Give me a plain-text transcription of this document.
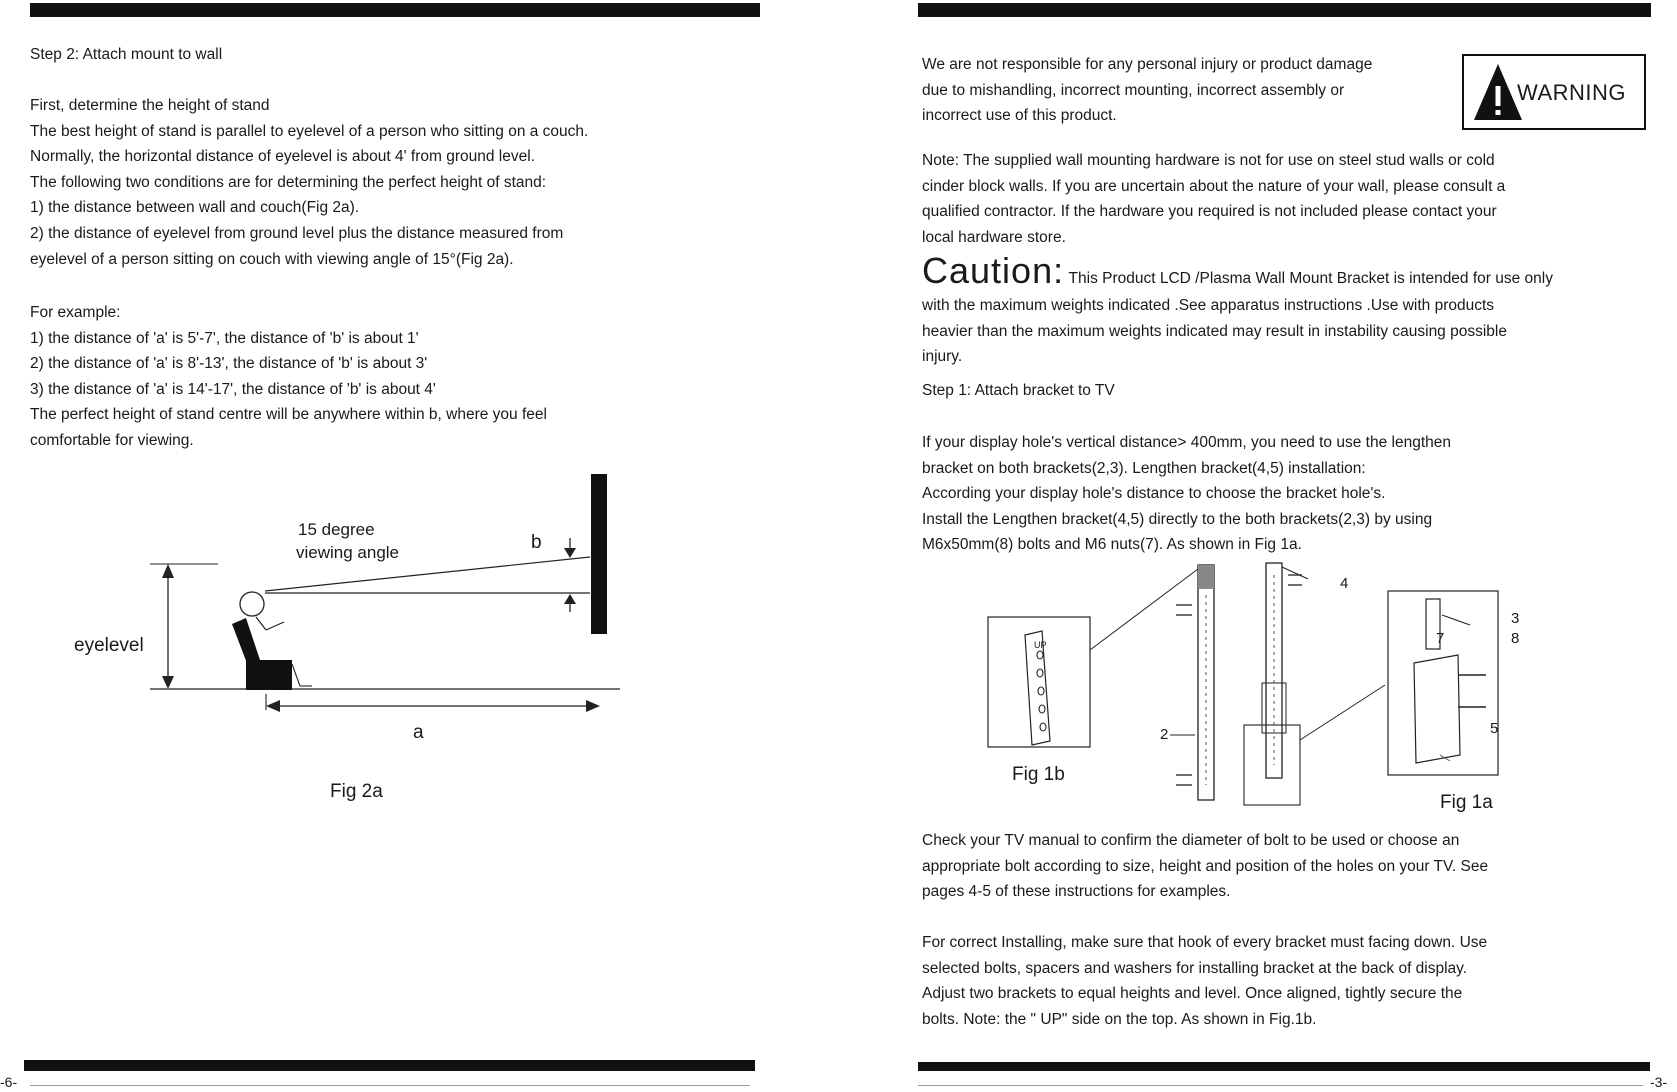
-6-	-3-
Step 2: Attach mount to wall
First, determine the height of stand
The best height of stand is parallel to eyelevel of a person who sitting on a couch.
Normally, the horizontal distance of eyelevel is about 4' from ground level.
The following two conditions are for determining the perfect height of stand:
1) the distance between wall and couch(Fig 2a).
2) the distance of eyelevel from ground level plus the distance measured from
eyelevel of a person sitting on couch with viewing angle of 15°(Fig 2a).
For example:
1) the distance of 'a' is 5'-7', the distance of 'b' is about 1'
2) the distance of 'a' is 8'-13', the distance of 'b' is about 3'
3) the distance of 'a' is 14'-17', the distance of 'b' is about 4'
The perfect height of stand centre will be anywhere within b, where you feel
comfortable for viewing.
15 degree
viewing angle	b
eyelevel
a
Fig 2a
We are not responsible for any personal injury or product damage
due to mishandling, incorrect mounting, incorrect assembly or
incorrect use of this product.
WARNING
Note: The supplied wall mounting hardware is not for use on steel stud walls or cold
cinder block walls. If you are uncertain about the nature of your wall, please consult a
qualified contractor. If the hardware you required is not included please contact your
local hardware store.
Caution: This Product LCD /Plasma Wall Mount Bracket is intended for use only
with the maximum weights indicated .See apparatus instructions .Use with products
heavier than the maximum weights indicated may result in instability causing possible
injury.
Step 1: Attach bracket to TV
If your display hole's vertical distance> 400mm, you need to use the lengthen
bracket on both brackets(2,3). Lengthen bracket(4,5) installation:
According your display hole's distance to choose the bracket hole's.
Install the Lengthen bracket(4,5) directly to the both brackets(2,3) by using
M6x50mm(8) bolts and M6 nuts(7). As shown in Fig 1a.
4
3
8
7
5
2
UP
Fig 1b
Fig 1a
Check your TV manual to confirm the diameter of bolt to be used or choose an
appropriate bolt according to size, height and position of the holes on your TV. See
pages 4-5 of these instructions for examples.
For correct Installing, make sure that hook of every bracket must facing down. Use
selected bolts, spacers and washers for installing bracket at the back of display.
Adjust two brackets to equal heights and level. Once aligned, tightly secure the
bolts. Note: the " UP" side on the top. As shown in Fig.1b.
